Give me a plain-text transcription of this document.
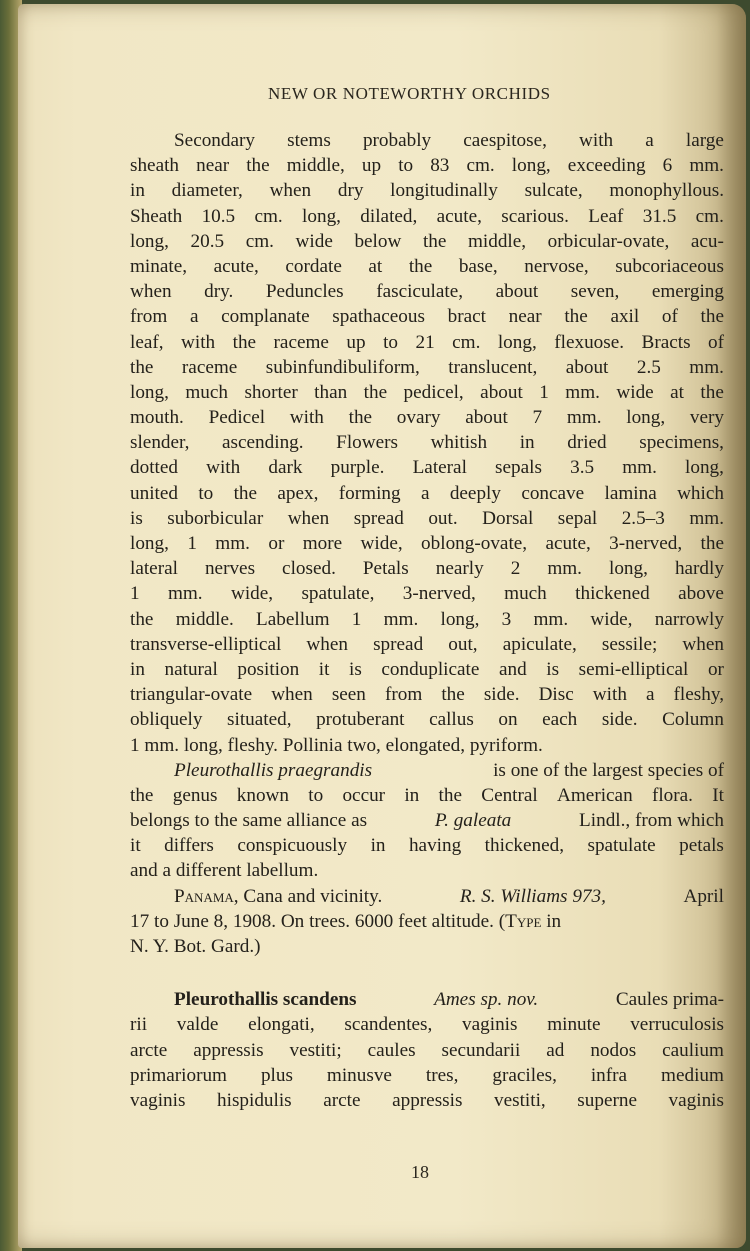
NEW OR NOTEWORTHY ORCHIDS
Secondary stems probably caespitose, with a large
sheath near the middle, up to 83 cm. long, exceeding 6 mm.
in diameter, when dry longitudinally sulcate, monophyllous.
Sheath 10.5 cm. long, dilated, acute, scarious. Leaf 31.5 cm.
long, 20.5 cm. wide below the middle, orbicular-ovate, acu-
minate, acute, cordate at the base, nervose, subcoriaceous
when dry. Peduncles fasciculate, about seven, emerging
from a complanate spathaceous bract near the axil of the
leaf, with the raceme up to 21 cm. long, flexuose. Bracts of
the raceme subinfundibuliform, translucent, about 2.5 mm.
long, much shorter than the pedicel, about 1 mm. wide at the
mouth. Pedicel with the ovary about 7 mm. long, very
slender, ascending. Flowers whitish in dried specimens,
dotted with dark purple. Lateral sepals 3.5 mm. long,
united to the apex, forming a deeply concave lamina which
is suborbicular when spread out. Dorsal sepal 2.5–3 mm.
long, 1 mm. or more wide, oblong-ovate, acute, 3-nerved, the
lateral nerves closed. Petals nearly 2 mm. long, hardly
1 mm. wide, spatulate, 3-nerved, much thickened above
the middle. Labellum 1 mm. long, 3 mm. wide, narrowly
transverse-elliptical when spread out, apiculate, sessile; when
in natural position it is conduplicate and is semi-elliptical or
triangular-ovate when seen from the side. Disc with a fleshy,
obliquely situated, protuberant callus on each side. Column
1 mm. long, fleshy. Pollinia two, elongated, pyriform.
Pleurothallis praegrandis	is one of the largest species of
the genus known to occur in the Central American flora. It
belongs to the same alliance as	P. galeata	Lindl., from which
it differs conspicuously in having thickened, spatulate petals
and a different labellum.
Panama, Cana and vicinity.	R. S. Williams 973,	April
17 to June 8, 1908. On trees. 6000 feet altitude. (Type in
N. Y. Bot. Gard.)
Pleurothallis scandens	Ames sp. nov.	Caules prima-
rii valde elongati, scandentes, vaginis minute verruculosis
arcte appressis vestiti; caules secundarii ad nodos caulium
primariorum plus minusve tres, graciles, infra medium
vaginis hispidulis arcte appressis vestiti, superne vaginis
18
